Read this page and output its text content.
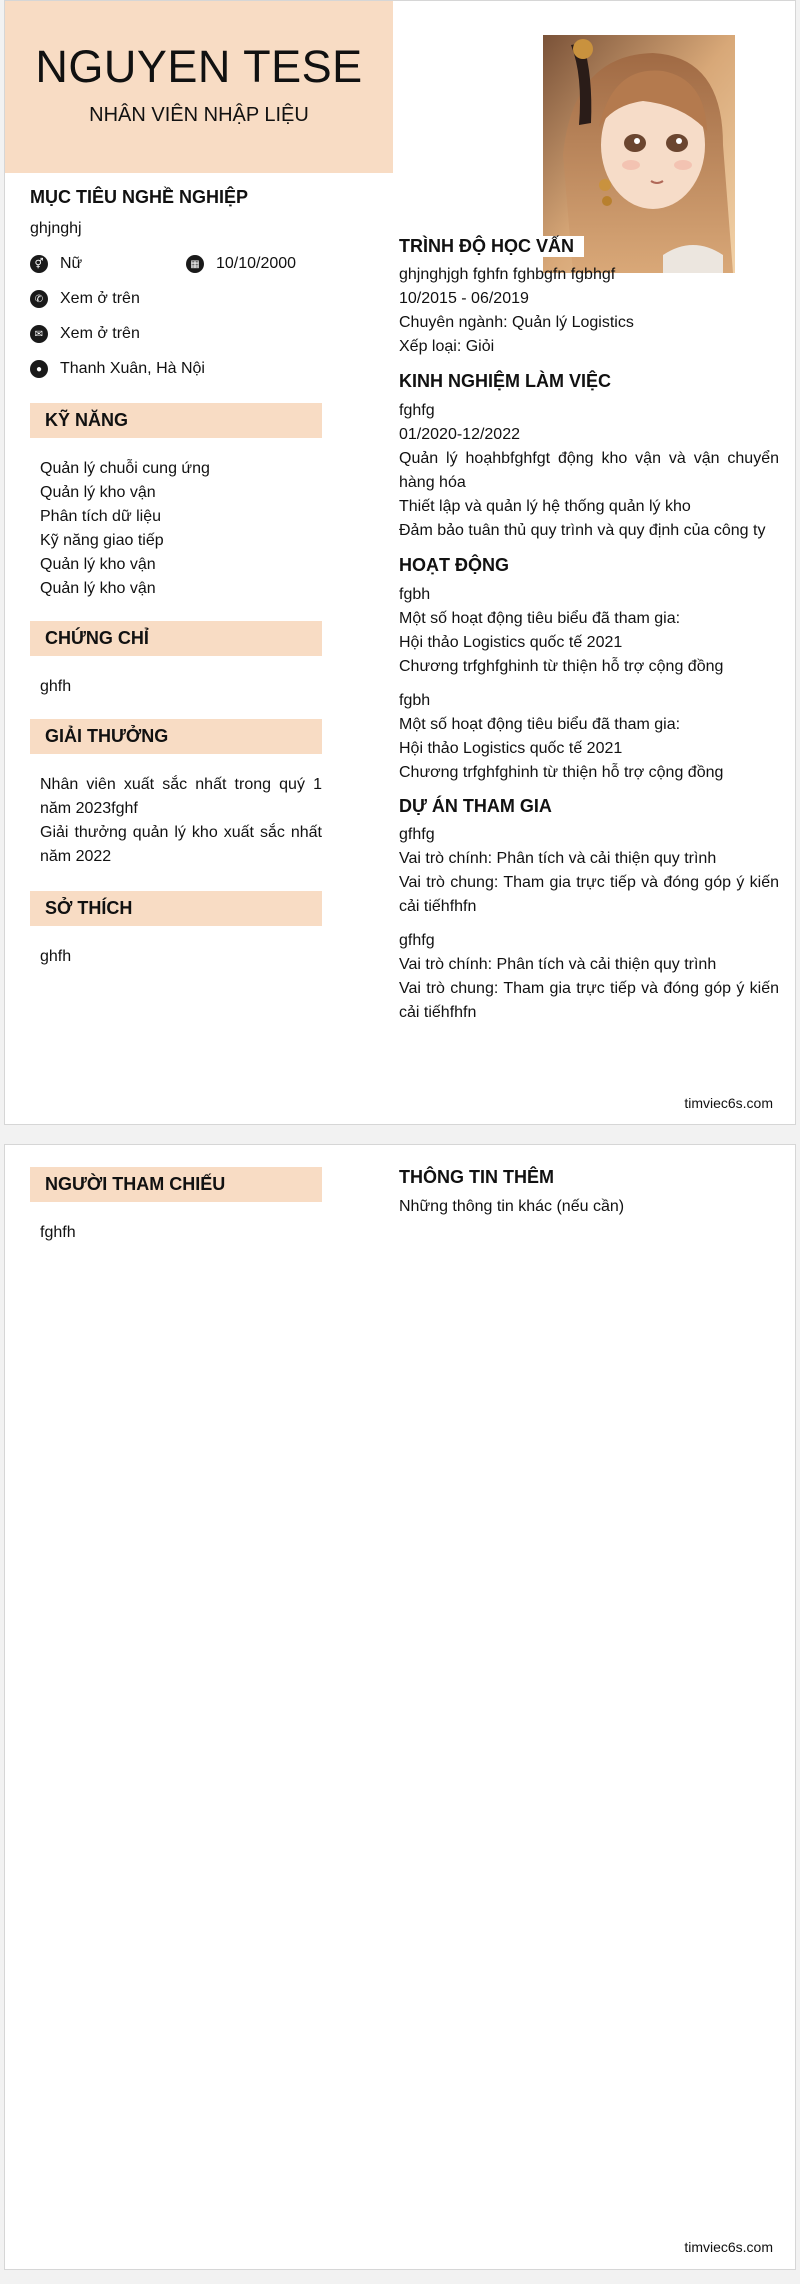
NGUYEN TESE
NHÂN VIÊN NHẬP LIỆU
MỤC TIÊU NGHỀ NGHIỆP
ghjnghj
⚥ Nữ	▦ 10/10/2000
✆	Xem ở trên
✉	Xem ở trên
●	Thanh Xuân, Hà Nội
KỸ NĂNG
Quản lý chuỗi cung ứng
Quản lý kho vận
Phân tích dữ liệu
Kỹ năng giao tiếp
Quản lý kho vận
Quản lý kho vận
CHỨNG CHỈ
ghfh
GIẢI THƯỞNG
Nhân viên xuất sắc nhất trong quý 1 năm 2023fghf
Giải thưởng quản lý kho xuất sắc nhất năm 2022
SỞ THÍCH
ghfh
TRÌNH ĐỘ HỌC VẤN
ghjnghjgh fghfn fghbgfn fgbhgf
10/2015 - 06/2019
Chuyên ngành: Quản lý Logistics
Xếp loại: Giỏi
KINH NGHIỆM LÀM VIỆC
fghfg
01/2020-12/2022
Quản lý hoạhbfghfgt động kho vận và vận chuyển hàng hóa
Thiết lập và quản lý hệ thống quản lý kho
Đảm bảo tuân thủ quy trình và quy định của công ty
HOẠT ĐỘNG
fgbh
Một số hoạt động tiêu biểu đã tham gia:
Hội thảo Logistics quốc tế 2021
Chương trfghfghinh từ thiện hỗ trợ cộng đồng
fgbh
Một số hoạt động tiêu biểu đã tham gia:
Hội thảo Logistics quốc tế 2021
Chương trfghfghinh từ thiện hỗ trợ cộng đồng
DỰ ÁN THAM GIA
gfhfg
Vai trò chính: Phân tích và cải thiện quy trình
Vai trò chung: Tham gia trực tiếp và đóng góp ý kiến cải tiếhfhfn
gfhfg
Vai trò chính: Phân tích và cải thiện quy trình
Vai trò chung: Tham gia trực tiếp và đóng góp ý kiến cải tiếhfhfn
timviec6s.com
NGƯỜI THAM CHIẾU
fghfh
THÔNG TIN THÊM
Những thông tin khác (nếu cần)
timviec6s.com
